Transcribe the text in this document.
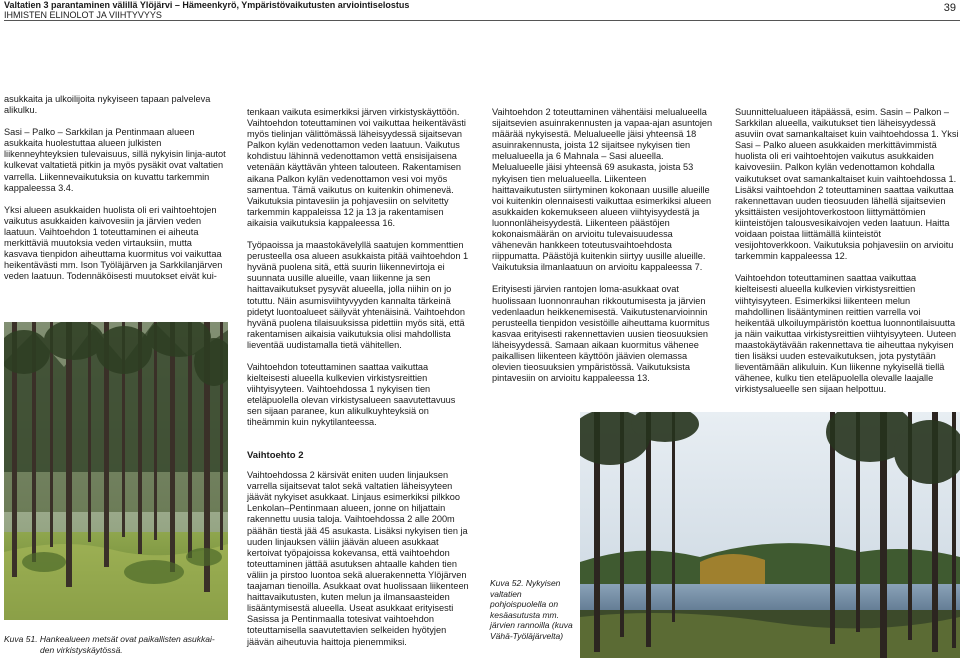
Valtatien 3 parantaminen välillä Ylöjärvi – Hämeenkyrö, Ympäristövaikutusten arviointiselostus
IHMISTEN ELINOLOT JA VIIHTYVYYS
39

asukkaita ja ulkoilijoita nykyiseen tapaan palveleva alikulku.

Sasi – Palko – Sarkkilan ja Pentinmaan alueen asukkaita huolestuttaa alueen julkisten liikenneyhteyksien tulevaisuus, sillä nykyisin linja-autot kulkevat valtatietä pitkin ja myös pysäkit ovat valtatien varrella. Liikennevaikutuksia on kuvattu tarkemmin kappaleessa 3.4.

Yksi alueen asukkaiden huolista oli eri vaihtoehtojen vaikutus asukkaiden kaivovesiin ja järvien veden laatuun. Vaihtoehdon 1 toteuttaminen ei aiheuta merkittäviä muutoksia veden virtauksiin, mutta kasvava tienpidon aiheuttama kuormitus voi vaikuttaa heikentävästi mm. Ison Työläjärven ja Sarkkilanjärven veden laatuun. Todennäköisesti muutokset eivät kui-

Kuva 51. Hankealueen metsät ovat paikallisten asukkai-
den virkistyskäytössä.

tenkaan vaikuta esimerkiksi järven virkistyskäyttöön. Vaihtoehdon toteuttaminen voi vaikuttaa heikentävästi myös tielinjan välittömässä läheisyydessä sijaitsevan Palkon kylän vedenottamon veden laatuun. Vaikutus kohdistuu lähinnä vedenottamon vettä ensisijaisena vetenään käyttävän yhteen talouteen. Rakentamisen aikana Palkon kylän vedenottamon vesi voi myös samentua. Tämä vaikutus on kuitenkin ohimenevä. Vaikutuksia pintavesiin ja pohjavesiin on selvitetty tarkemmin kappaleissa 12 ja 13 ja rakentamisen aikaisia vaikutuksia kappaleessa 16.

Työpaoissa ja maastokävelyllä saatujen kommenttien perusteella osa alueen asukkaista pitää vaihtoehdon 1 hyvänä puolena sitä, että suurin liikennevirtoja ei suunnata uusille alueille, vaan liikenne ja sen haittavaikutukset pysyvät alueella, jolla niihin on jo totuttu. Näin asumisviihtyvyyden kannalta tärkeinä pidetyt luontoalueet säilyvät yhtenäisinä. Vaihtoehdon hyvänä puolena tilaisuuksissa pidettiin myös sitä, että rakentamisen aikaisia vaikutuksia olisi mahdollista lieventää uudistamalla tietä vähitellen.

Vaihtoehdon toteuttaminen saattaa vaikuttaa kielteisesti alueella kulkevien virkistysreittien viihtyisyyteen. Vaihtoehdossa 1 nykyisen tien eteläpuolella olevan virkistysalueen saavutettavuus sen sijaan paranee, kun alikulkuyhteyksiä on tiheämmin kuin nykytilanteessa.

Vaihtoehto 2

Vaihtoehdossa 2 kärsivät eniten uuden linjauksen varrella sijaitsevat talot sekä valtatien läheisyyteen jäävät nykyiset asukkaat. Linjaus esimerkiksi pilkkoo Lenkolan–Pentinmaan alueen, jonne on hiljattain rakennettu uusia taloja. Vaihtoehdossa 2 alle 200m päähän tiestä jää 45 asukasta. Lisäksi nykyisen tien ja uuden linjauksen väliin jäävän alueen asukkaat kertoivat työpajoissa kokevansa, että vaihtoehdon toteuttaminen jättää asutuksen ahtaalle kahden tien väliin ja pirstoo luontoa sekä aluerakennetta Ylöjärven taajaman tienoilla. Asukkaat ovat huolissaan liikenteen haittavaikutusten, kuten melun ja ilmansaasteiden lisääntymisestä alueella. Useat asukkaat erityisesti Sasissa ja Pentinmaalla totesivat vaihtoehdon toteuttamisella saavutettavien selkeiden hyötyjen jäävän aiheutuvia haittoja pienemmiksi.

Vaihtoehdon 2 toteuttaminen vähentäisi melualueella sijaitsevien asuinrakennusten ja vapaa-ajan asuntojen määrää nykyisestä. Melualueelle jäisi yhteensä 18 asuinrakennusta, joista 12 sijaitsee nykyisen tien melualueella ja 6 Mahnala – Sasi alueella. Melualueelle jäisi yhteensä 69 asukasta, joista 53 nykyisen tien melualueella. Liikenteen haittavaikutusten siirtyminen kokonaan uusille alueille voi kuitenkin olennaisesti vaikuttaa esimerkiksi alueen asukkaiden kokemukseen alueen viihtyisyydestä ja luonnonläheisyydestä. Liikenteen päästöjen kokonaismäärän on arvioitu tulevaisuudessa vähenevän hankkeen toteutusvaihtoehdosta riippumatta. Päästöjä kuitenkin siirtyy uusille alueille. Vaikutuksia ilmanlaatuun on arvioitu kappaleessa 7.

Erityisesti järvien rantojen loma-asukkaat ovat huolissaan luonnonrauhan rikkoutumisesta ja järvien vedenlaadun heikkenemisestä. Vaikutustenarvioinnin perusteella tienpidon vesistöille aiheuttama kuormitus kasvaa erityisesti rakennettavien uusien tieosuuksien läheisyydessä. Samaan aikaan kuormitus vähenee paikallisen liikenteen käyttöön jäävien olemassa olevien tieosuuksien ympäristössä. Vaikutuksista pintavesiin on arvioitu kappaleessa 13.

Suunnittelualueen itäpäässä, esim. Sasin – Palkon – Sarkkilan alueella, vaikutukset tien läheisyydessä asuviin ovat samankaltaiset kuin vaihtoehdossa 1. Yksi Sasi – Palko alueen asukkaiden merkittävimmistä huolista oli eri vaihtoehtojen vaikutus asukkaiden kaivovesiin. Palkon kylän vedenottamon kohdalla vaikutukset ovat samankaltaiset kuin vaihtoehdossa 1. Lisäksi vaihtoehdon 2 toteuttaminen saattaa vaikuttaa rakennettavan uuden tieosuuden lähellä sijaitsevien yksittäisten vesijohtoverkostoon liittymättömien kiinteistöjen talousvesikaivojen veden laatuun. Haitta voidaan poistaa liittämällä kiinteistöt vesijohtoverkkoon. Vaikutuksia pohjavesiin on arvioitu tarkemmin kappaleessa 12.

Vaihtoehdon toteuttaminen saattaa vaikuttaa kielteisesti alueella kulkevien virkistysreittien viihtyisyyteen. Esimerkiksi liikenteen melun mahdollinen lisääntyminen reittien varrella voi heikentää ulkoiluympäristön koettua luonnontilaisuutta ja näin vaikuttaa virkistysreittien viihtyisyyteen. Uuteen maastokäytävään rakennettava tie aiheuttaa nykyisen tien lisäksi uuden estevaikutuksen, jota pystytään lieventämään alikuluin. Kun liikenne nykyisellä tiellä vähenee, kulku tien eteläpuolella olevalle laajalle virkistysalueelle sen sijaan helpottuu.

Kuva 52. Nykyisen valtatien pohjoispuolella on kesäasutusta mm. järvien rannoilla (kuva Vähä-Työläjärvelta)
